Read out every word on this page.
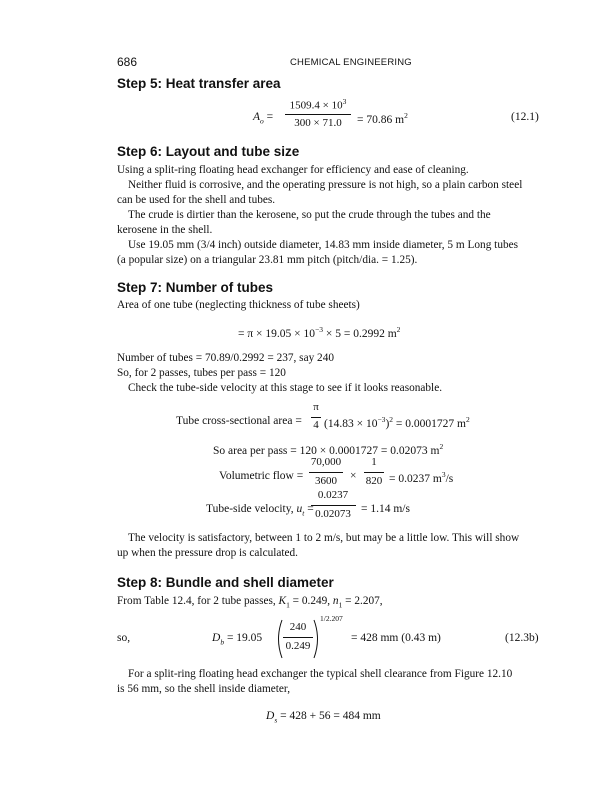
686	CHEMICAL ENGINEERING
Step 5: Heat transfer area
$A_o$ =
$1509.4 \times 10^3$
300 × 71.0	= 70.86 $m^2$	(12.1)
Step 6: Layout and tube size
Using a split-ring floating head exchanger for efficiency and ease of cleaning.
Neither fluid is corrosive, and the operating pressure is not high, so a plain carbon steel
can be used for the shell and tubes.
The crude is dirtier than the kerosene, so put the crude through the tubes and the
kerosene in the shell.
Use 19.05 mm (3/4 inch) outside diameter, 14.83 mm inside diameter, 5 m Long tubes
(a popular size) on a triangular 23.81 mm pitch (pitch/dia. = 1.25).
Step 7: Number of tubes
Area of one tube (neglecting thickness of tube sheets)
= $\pi \times 19.05 \times 10^{-3} \times 5 = 0.2992$ $m^2$
Number of tubes = 70.89/0.2992 = 237, say 240
So, for 2 passes, tubes per pass = 120
Check the tube-side velocity at this stage to see if it looks reasonable.
Tube cross-sectional area =
π
4 $(14.83 \times 10^{-3})^2 = 0.0001727$ $m^2$
So area per pass = 120 × 0.0001727 = 0.02073 $m^2$
Volumetric flow =
70,000
3600	×
1
820 = 0.0237 $m^3/s$
Tube-side velocity, $u_t$ =
0.0237
0.02073 = 1.14 m/s
The velocity is satisfactory, between 1 to 2 m/s, but may be a little low. This will show
up when the pressure drop is calculated.
Step 8: Bundle and shell diameter
From Table 12.4, for 2 tube passes, $K_1 = 0.249$, $n_1 = 2.207$,
so,	$D_b = 19.05$
240
0.249
1/2.207
= 428 mm (0.43 m)	(12.3b)
For a split-ring floating head exchanger the typical shell clearance from Figure 12.10
is 56 mm, so the shell inside diameter,
$D_s = 428 + 56 = 484$ mm
